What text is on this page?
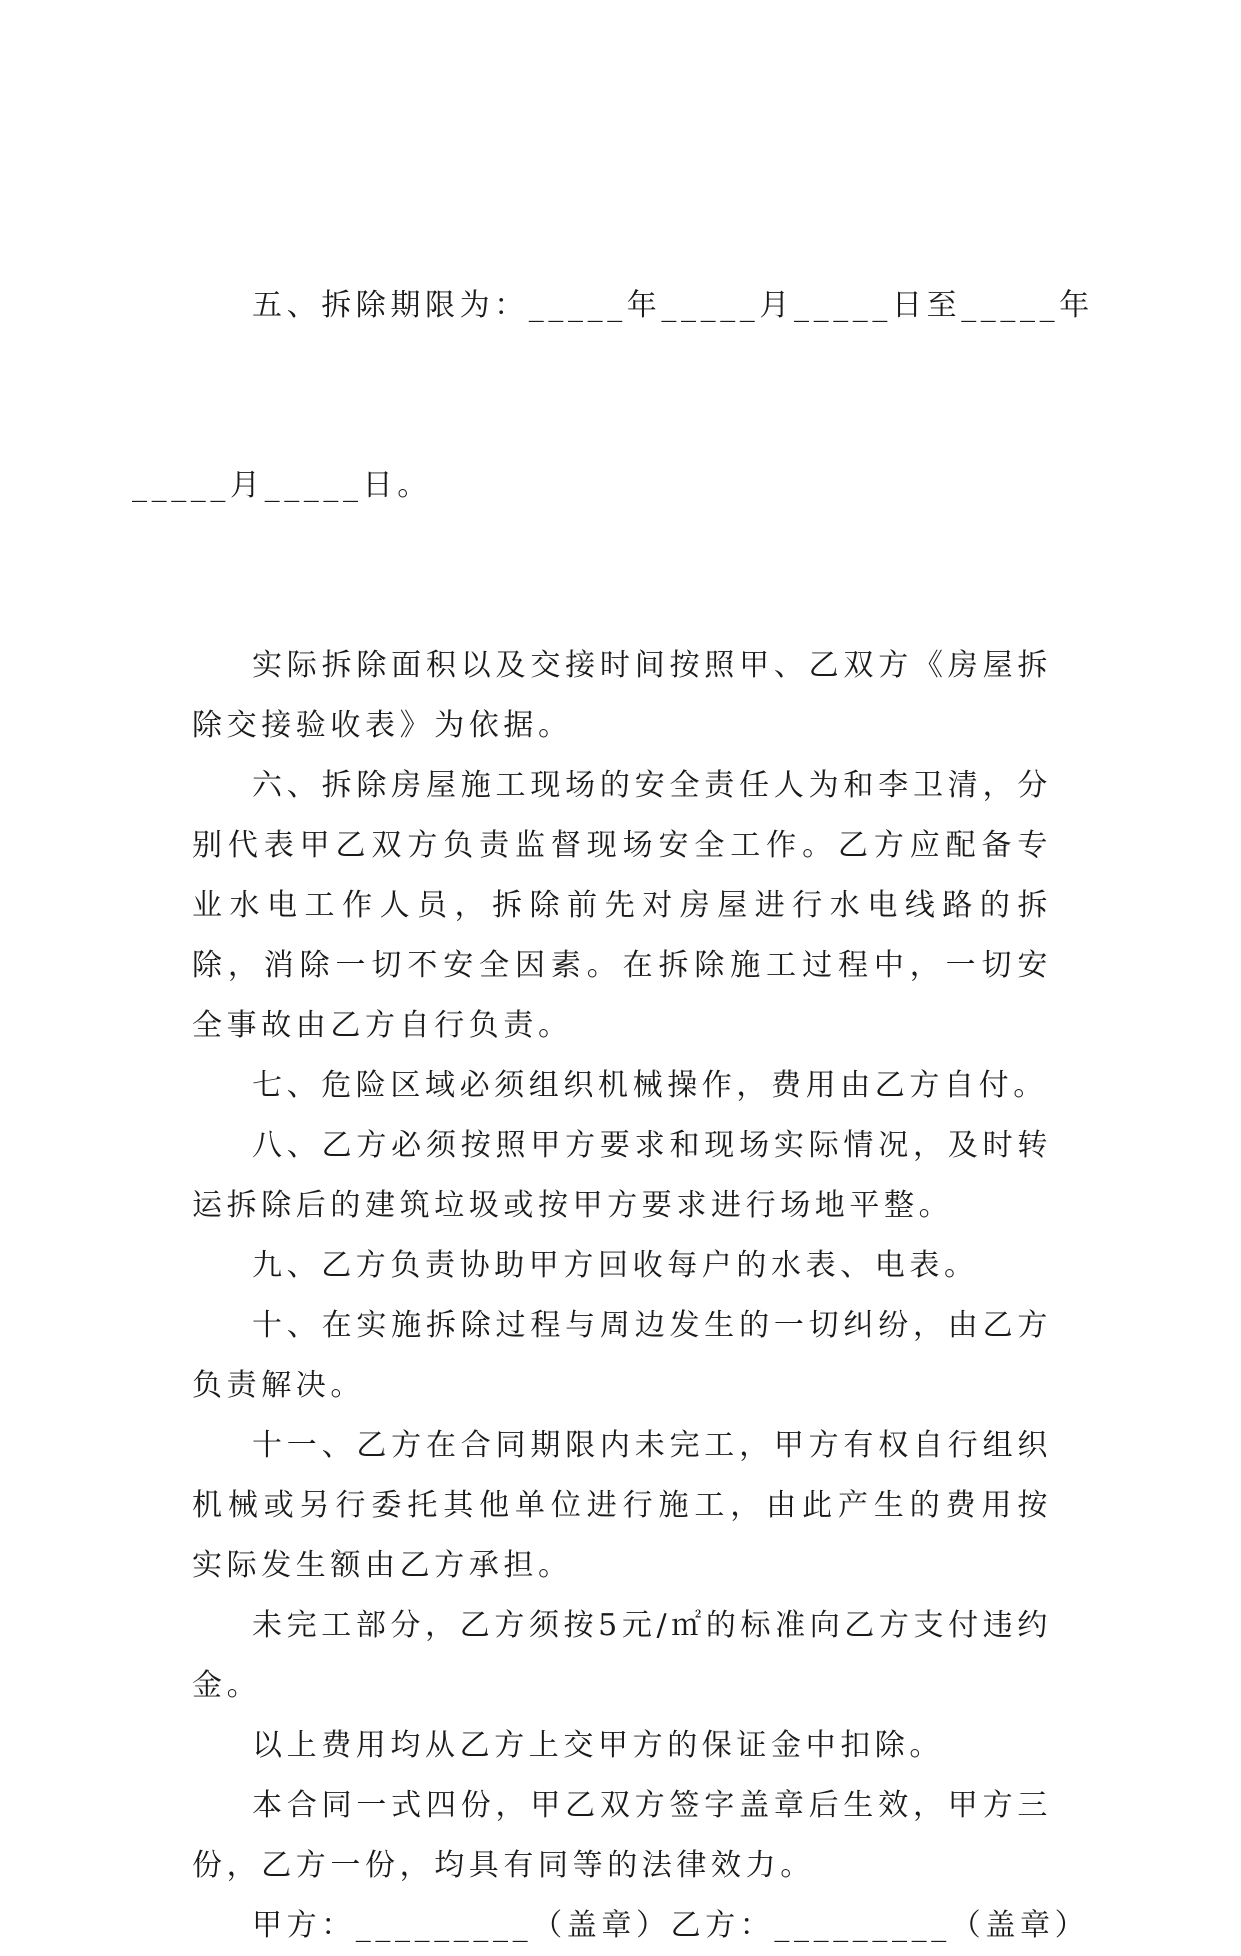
五、拆除期限为：_____年_____月_____日至_____年

_____月_____日。

实际拆除面积以及交接时间按照甲、乙双方《房屋拆除交接验收表》为依据。

六、拆除房屋施工现场的安全责任人为和李卫清，分别代表甲乙双方负责监督现场安全工作。乙方应配备专业水电工作人员，拆除前先对房屋进行水电线路的拆除，消除一切不安全因素。在拆除施工过程中，一切安全事故由乙方自行负责。

七、危险区域必须组织机械操作，费用由乙方自付。

八、乙方必须按照甲方要求和现场实际情况，及时转运拆除后的建筑垃圾或按甲方要求进行场地平整。

九、乙方负责协助甲方回收每户的水表、电表。

十、在实施拆除过程与周边发生的一切纠纷，由乙方负责解决。

十一、乙方在合同期限内未完工，甲方有权自行组织机械或另行委托其他单位进行施工，由此产生的费用按实际发生额由乙方承担。

未完工部分，乙方须按5元/㎡的标准向乙方支付违约金。

以上费用均从乙方上交甲方的保证金中扣除。

本合同一式四份，甲乙双方签字盖章后生效，甲方三份，乙方一份，均具有同等的法律效力。

甲方：_________（盖章）乙方：_________（盖章）
